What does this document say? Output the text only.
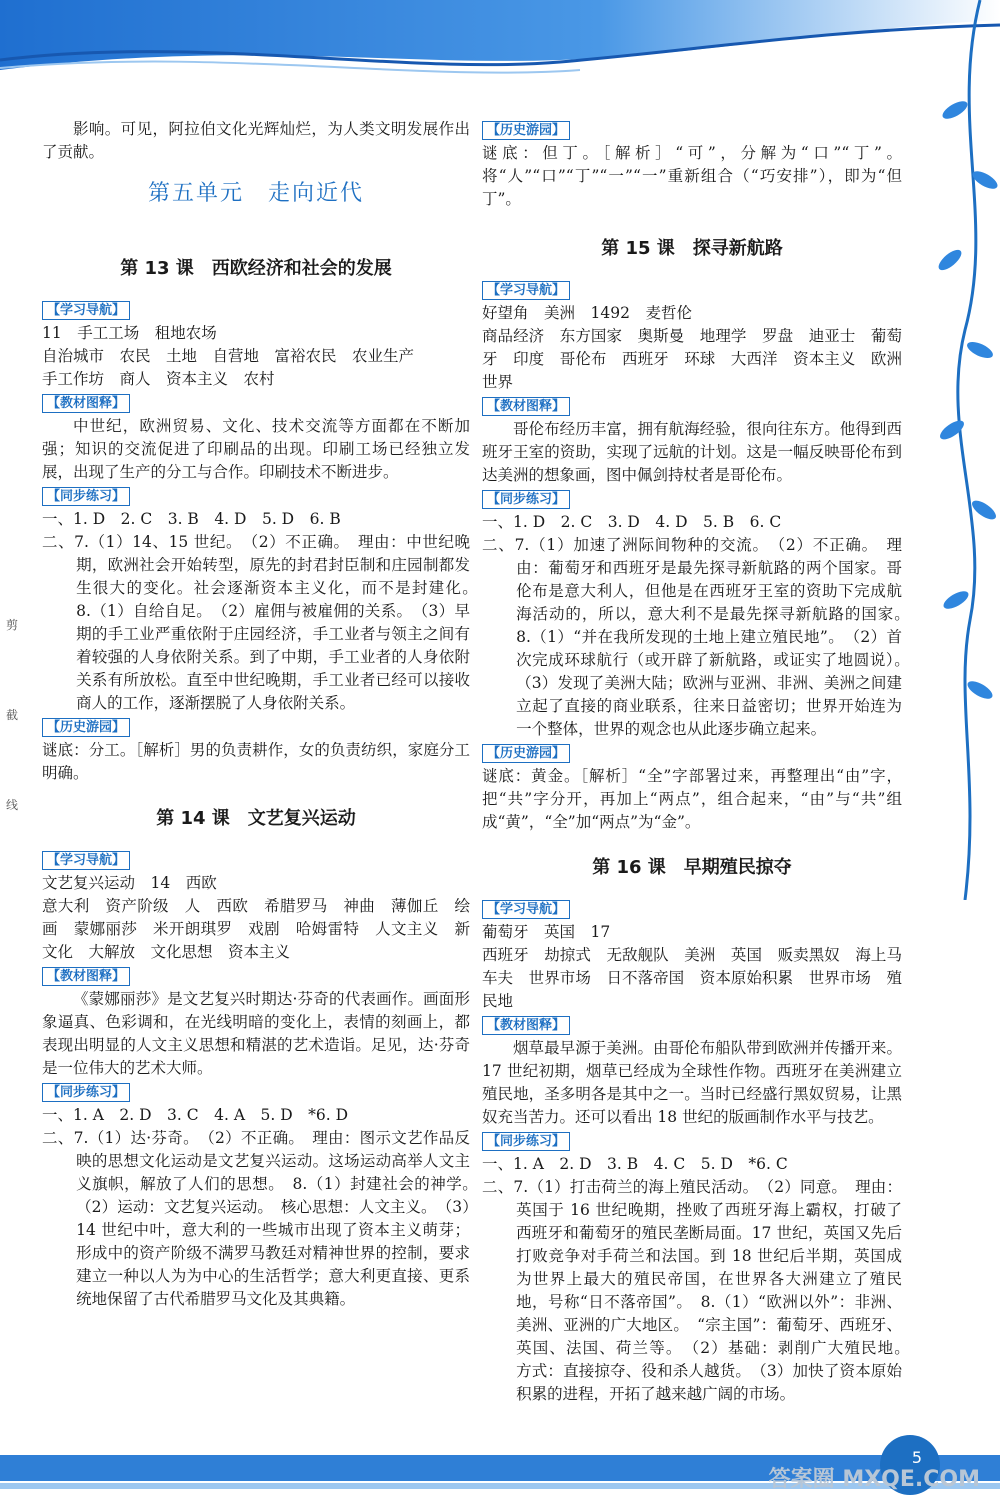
剪　截　线

影响。可见，阿拉伯文化光辉灿烂，为人类文明发展作出了贡献。

第五单元　走向近代
第 13 课　西欧经济和社会的发展
【学习导航】

11　手工工场　租地农场

自治城市　农民　土地　自营地　富裕农民　农业生产

手工作坊　商人　资本主义　农村

【教材图释】

中世纪，欧洲贸易、文化、技术交流等方面都在不断加强；知识的交流促进了印刷品的出现。印刷工场已经独立发展，出现了生产的分工与合作。印刷技术不断进步。

【同步练习】

一、1. D　2. C　3. B　4. D　5. D　6. B

二、7.（1）14、15 世纪。　（2）不正确。　理由：中世纪晚期，欧洲社会开始转型，原先的封君封臣制和庄园制都发生很大的变化。社会逐渐资本主义化，而不是封建化。　8.（1）自给自足。　（2）雇佣与被雇佣的关系。　（3）早期的手工业严重依附于庄园经济，手工业者与领主之间有着较强的人身依附关系。到了中期，手工业者的人身依附关系有所放松。直至中世纪晚期，手工业者已经可以接收商人的工作，逐渐摆脱了人身依附关系。

【历史游园】

谜底：分工。［解析］男的负责耕作，女的负责纺织，家庭分工明确。

第 14 课　文艺复兴运动
【学习导航】

文艺复兴运动　14　西欧

意大利　资产阶级　人　西欧　希腊罗马　神曲　薄伽丘　绘画　蒙娜丽莎　米开朗琪罗　戏剧　哈姆雷特　人文主义　新文化　大解放　文化思想　资本主义

【教材图释】

《蒙娜丽莎》是文艺复兴时期达·芬奇的代表画作。画面形象逼真、色彩调和，在光线明暗的变化上，表情的刻画上，都表现出明显的人文主义思想和精湛的艺术造诣。足见，达·芬奇是一位伟大的艺术大师。

【同步练习】

一、1. A　2. D　3. C　4. A　5. D　*6. D

二、7.（1）达·芬奇。　（2）不正确。　理由：图示文艺作品反映的思想文化运动是文艺复兴运动。这场运动高举人文主义旗帜，解放了人们的思想。　8.（1）封建社会的神学。　（2）运动：文艺复兴运动。　核心思想：人文主义。　（3）14 世纪中叶，意大利的一些城市出现了资本主义萌芽；形成中的资产阶级不满罗马教廷对精神世界的控制，要求建立一种以人为为中心的生活哲学；意大利更直接、更系统地保留了古代希腊罗马文化及其典籍。

【历史游园】

谜底：但丁。［解析］“可”，分解为“口”“丁”。将“人”“口”“丁”“一”“一”重新组合（“巧安排”），即为“但丁”。

第 15 课　探寻新航路
【学习导航】

好望角　美洲　1492　麦哲伦

商品经济　东方国家　奥斯曼　地理学　罗盘　迪亚士　葡萄牙　印度　哥伦布　西班牙　环球　大西洋　资本主义　欧洲　世界

【教材图释】

哥伦布经历丰富，拥有航海经验，很向往东方。他得到西班牙王室的资助，实现了远航的计划。这是一幅反映哥伦布到达美洲的想象画，图中佩剑持杖者是哥伦布。

【同步练习】

一、1. D　2. C　3. D　4. D　5. B　6. C

二、7.（1）加速了洲际间物种的交流。　（2）不正确。　理由：葡萄牙和西班牙是最先探寻新航路的两个国家。哥伦布是意大利人，但他是在西班牙王室的资助下完成航海活动的，所以，意大利不是最先探寻新航路的国家。　8.（1）“并在我所发现的土地上建立殖民地”。　（2）首次完成环球航行（或开辟了新航路，或证实了地圆说）。　（3）发现了美洲大陆；欧洲与亚洲、非洲、美洲之间建立起了直接的商业联系，往来日益密切；世界开始连为一个整体，世界的观念也从此逐步确立起来。

【历史游园】

谜底：黄金。［解析］“全”字部署过来，再整理出“由”字，把“共”字分开，再加上“两点”，组合起来，“由”与“共”组成“黄”，“全”加“两点”为“金”。

第 16 课　早期殖民掠夺
【学习导航】

葡萄牙　英国　17

西班牙　劫掠式　无敌舰队　美洲　英国　贩卖黑奴　海上马车夫　世界市场　日不落帝国　资本原始积累　世界市场　殖民地

【教材图释】

烟草最早源于美洲。由哥伦布船队带到欧洲并传播开来。17 世纪初期，烟草已经成为全球性作物。西班牙在美洲建立殖民地，圣多明各是其中之一。当时已经盛行黑奴贸易，让黑奴充当苦力。还可以看出 18 世纪的版画制作水平与技艺。

【同步练习】

一、1. A　2. D　3. B　4. C　5. D　*6. C

二、7.（1）打击荷兰的海上殖民活动。　（2）同意。　理由：英国于 16 世纪晚期，挫败了西班牙海上霸权，打破了西班牙和葡萄牙的殖民垄断局面。17 世纪，英国又先后打败竞争对手荷兰和法国。到 18 世纪后半期，英国成为世界上最大的殖民帝国，在世界各大洲建立了殖民地，号称“日不落帝国”。　8.（1）“欧洲以外”：非洲、美洲、亚洲的广大地区。　“宗主国”：葡萄牙、西班牙、英国、法国、荷兰等。　（2）基础：剥削广大殖民地。　方式：直接掠夺、役和杀人越货。　（3）加快了资本原始积累的进程，开拓了越来越广阔的市场。

5
答案圈 MXQE.COM
